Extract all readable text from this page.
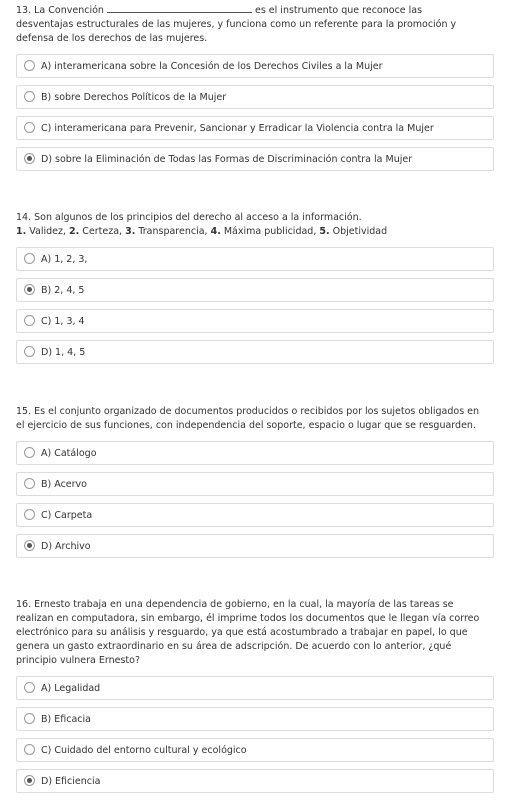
13. La Convención	es el instrumento que reconoce las
desventajas estructurales de las mujeres, y funciona como un referente para la promoción y
defensa de los derechos de las mujeres.
A) interamericana sobre la Concesión de los Derechos Civiles a la Mujer
B) sobre Derechos Políticos de la Mujer
C) interamericana para Prevenir, Sancionar y Erradicar la Violencia contra la Mujer
D) sobre la Eliminación de Todas las Formas de Discriminación contra la Mujer
14. Son algunos de los principios del derecho al acceso a la información.
1. Validez, 2. Certeza, 3. Transparencia, 4. Máxima publicidad, 5. Objetividad
A) 1, 2, 3,
B) 2, 4, 5
C) 1, 3, 4
D) 1, 4, 5
15. Es el conjunto organizado de documentos producidos o recibidos por los sujetos obligados en
el ejercicio de sus funciones, con independencia del soporte, espacio o lugar que se resguarden.
A) Catálogo
B) Acervo
C) Carpeta
D) Archivo
16. Ernesto trabaja en una dependencia de gobierno, en la cual, la mayoría de las tareas se
realizan en computadora, sin embargo, él imprime todos los documentos que le llegan vía correo
electrónico para su análisis y resguardo, ya que está acostumbrado a trabajar en papel, lo que
genera un gasto extraordinario en su área de adscripción. De acuerdo con lo anterior, ¿qué
principio vulnera Ernesto?
A) Legalidad
B) Eficacia
C) Cuidado del entorno cultural y ecológico
D) Eficiencia
